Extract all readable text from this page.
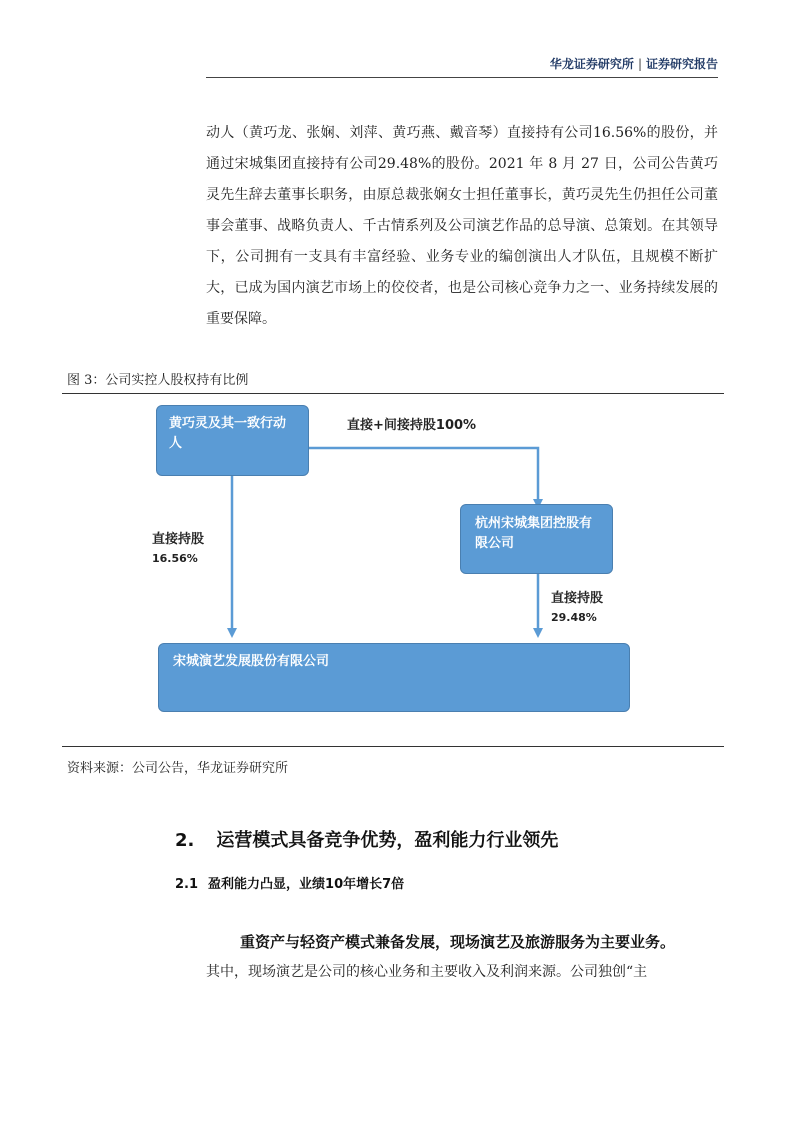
华龙证券研究所 | 证券研究报告

动人（黄巧龙、张娴、刘萍、黄巧燕、戴音琴）直接持有公司16.56%的股份，并通过宋城集团直接持有公司29.48%的股份。2021 年 8 月 27 日，公司公告黄巧灵先生辞去董事长职务，由原总裁张娴女士担任董事长，黄巧灵先生仍担任公司董事会董事、战略负责人、千古情系列及公司演艺作品的总导演、总策划。在其领导下，公司拥有一支具有丰富经验、业务专业的编创演出人才队伍，且规模不断扩大，已成为国内演艺市场上的佼佼者，也是公司核心竞争力之一、业务持续发展的重要保障。

图 3：公司实控人股权持有比例
黄巧灵及其一致行动人
杭州宋城集团控股有限公司
宋城演艺发展股份有限公司
直接+间接持股100%
直接持股
16.56%
直接持股
29.48%
资料来源：公司公告，华龙证券研究所
2. 运营模式具备竞争优势，盈利能力行业领先
2.1 盈利能力凸显，业绩10年增长7倍
重资产与轻资产模式兼备发展，现场演艺及旅游服务为主要业务。
其中，现场演艺是公司的核心业务和主要收入及利润来源。公司独创“主
